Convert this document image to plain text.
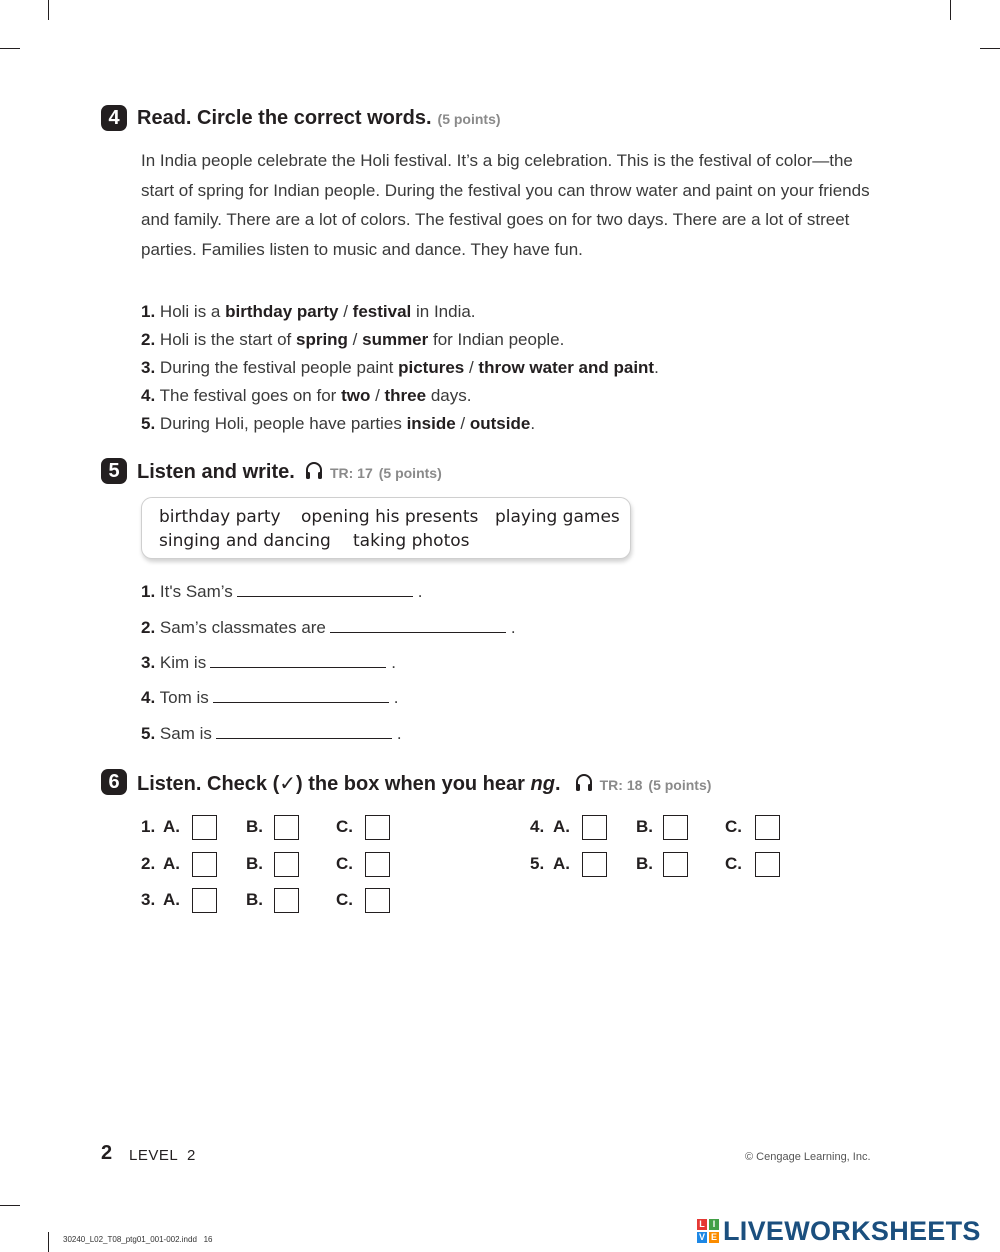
4 Read. Circle the correct words. (5 points)
In India people celebrate the Holi festival. It’s a big celebration. This is the festival of color—the start of spring for Indian people. During the festival you can throw water and paint on your friends and family. There are a lot of colors. The festival goes on for two days. There are a lot of street parties. Families listen to music and dance. They have fun.
1. Holi is a birthday party / festival in India.
2. Holi is the start of spring / summer for Indian people.
3. During the festival people paint pictures / throw water and paint.
4. The festival goes on for two / three days.
5. During Holi, people have parties inside / outside.
5 Listen and write.	TR: 17 (5 points)
birthday party opening his presents playing games
singing and dancing taking photos
1. It's Sam’s	.
2. Sam’s classmates are	.
3. Kim is	.
4. Tom is	.
5. Sam is	.
6 Listen. Check (✓) the box when you hear ng.	TR: 18 (5 points)
1. A.	B.	C.
2. A.	B.	C.
3. A.	B.	C.
4. A.	B.	C.
5. A.	B.	C.
2 LEVEL  2	© Cengage Learning, Inc.
30240_L02_T08_ptg01_001-002.indd   16
L I
V E LIVEWORKSHEETS
